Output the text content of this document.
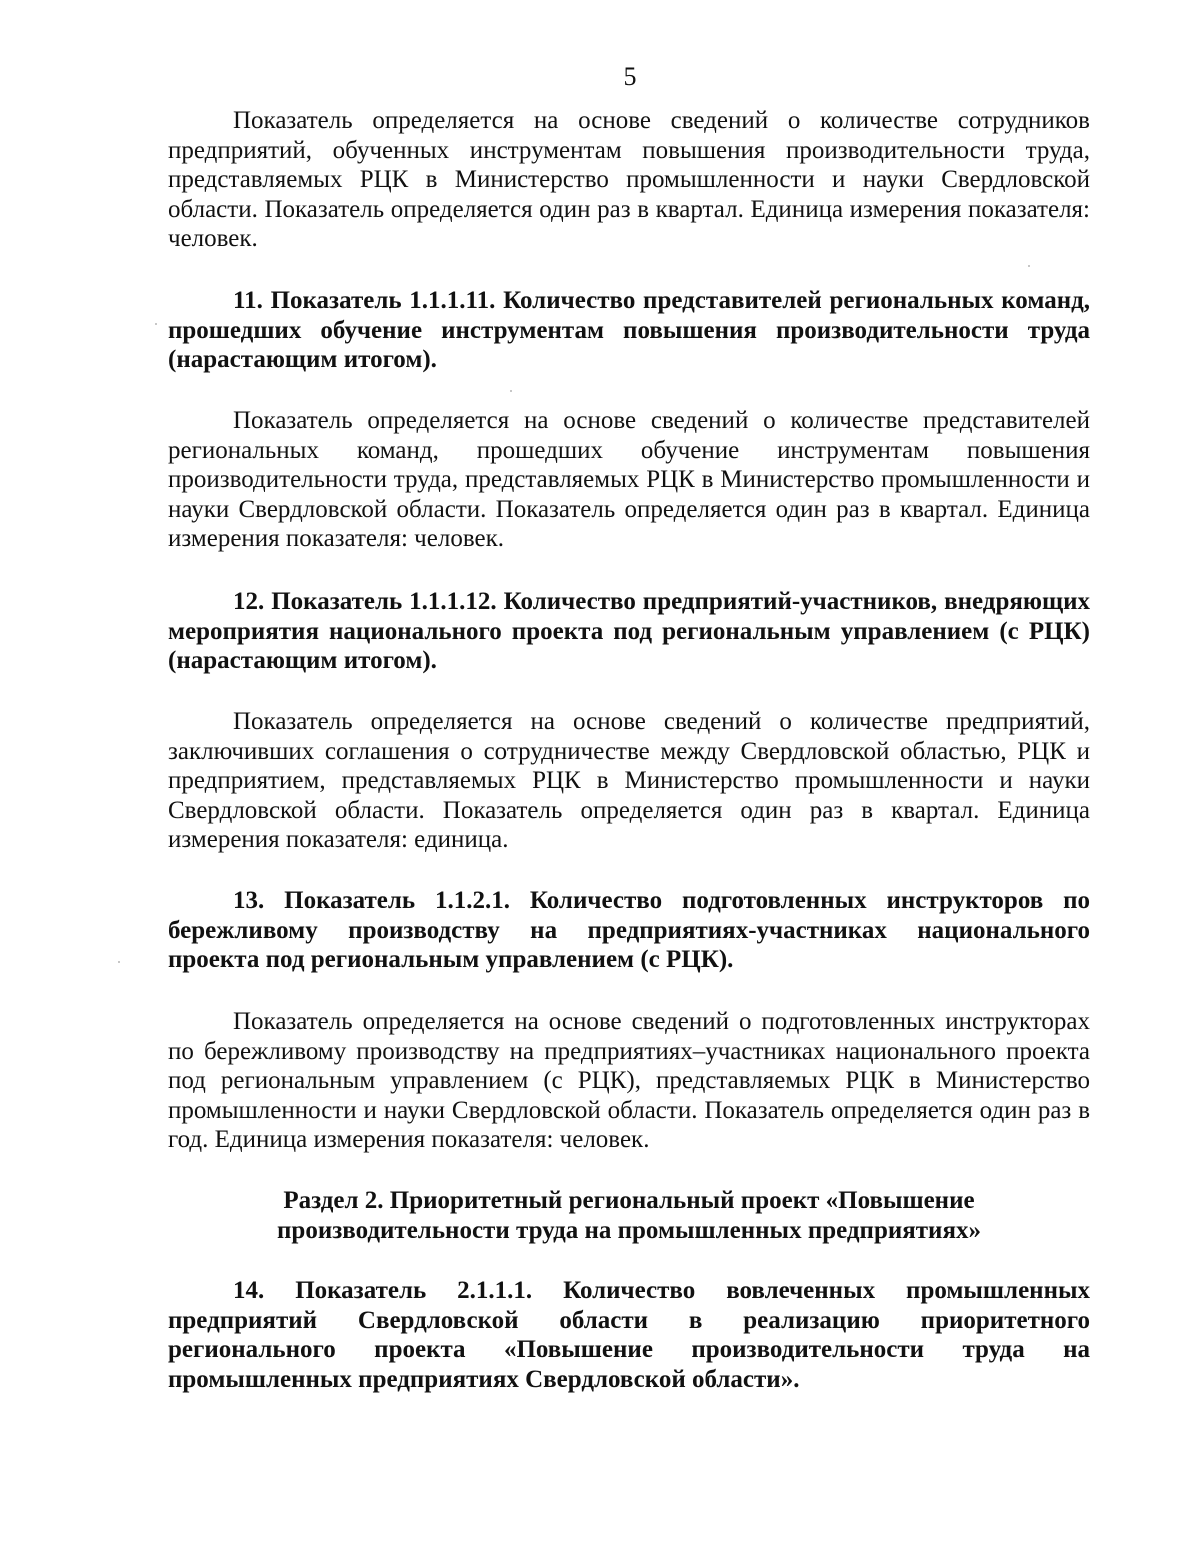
5
Показатель определяется на основе сведений о количестве сотрудников предприятий, обученных инструментам повышения производительности труда, представляемых РЦК в Министерство промышленности и науки Свердловской области. Показатель определяется один раз в квартал. Единица измерения показателя: человек.
11. Показатель 1.1.1.11. Количество представителей региональных команд, прошедших обучение инструментам повышения производительности труда (нарастающим итогом).
Показатель определяется на основе сведений о количестве представителей региональных команд, прошедших обучение инструментам повышения производительности труда, представляемых РЦК в Министерство промышленности и науки Свердловской области. Показатель определяется один раз в квартал. Единица измерения показателя: человек.
12. Показатель 1.1.1.12. Количество предприятий-участников, внедряющих мероприятия национального проекта под региональным управлением (с РЦК) (нарастающим итогом).
Показатель определяется на основе сведений о количестве предприятий, заключивших соглашения о сотрудничестве между Свердловской областью, РЦК и предприятием, представляемых РЦК в Министерство промышленности и науки Свердловской области. Показатель определяется один раз в квартал. Единица измерения показателя: единица.
13. Показатель 1.1.2.1. Количество подготовленных инструкторов по бережливому производству на предприятиях-участниках национального проекта под региональным управлением (с РЦК).
Показатель определяется на основе сведений о подготовленных инструкторах по бережливому производству на предприятиях–участниках национального проекта под региональным управлением (с РЦК), представляемых РЦК в Министерство промышленности и науки Свердловской области. Показатель определяется один раз в год. Единица измерения показателя: человек.
Раздел 2. Приоритетный региональный проект «Повышение
производительности труда на промышленных предприятиях»
14. Показатель 2.1.1.1. Количество вовлеченных промышленных предприятий Свердловской области в реализацию приоритетного регионального проекта «Повышение производительности труда на промышленных предприятиях Свердловской области».
